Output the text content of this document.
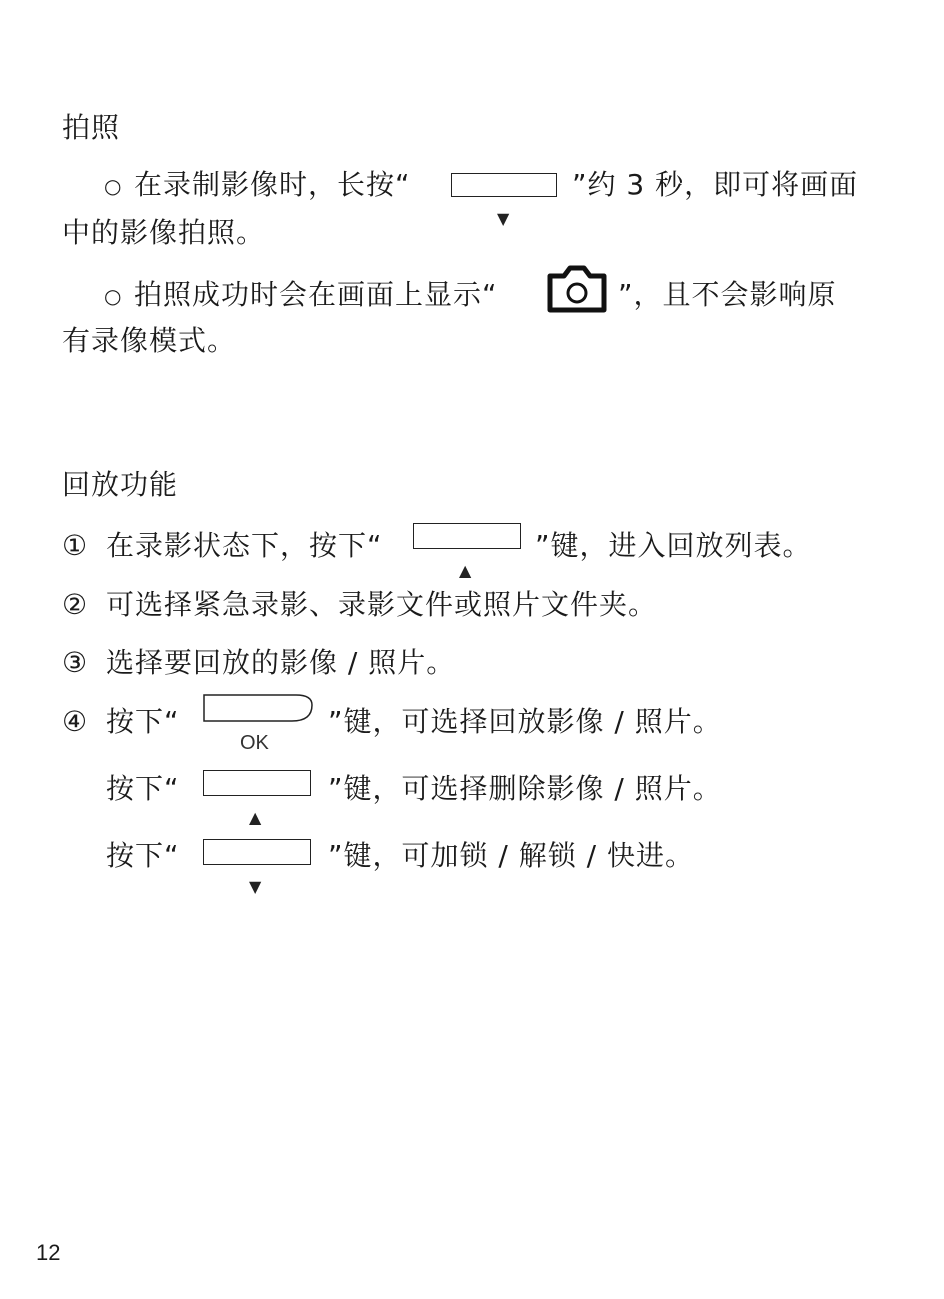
拍照
○ 在录制影像时，长按“
▼
”约 3 秒，即可将画面
中的影像拍照。
○ 拍照成功时会在画面上显示“	”，且不会影响原
有录像模式。
回放功能
① 在录影状态下，按下“
▲
”键，进入回放列表。
② 可选择紧急录影、录影文件或照片文件夹。
③ 选择要回放的影像 / 照片。
④ 按下“
OK
”键，可选择回放影像 / 照片。
按下“
▲
”键，可选择删除影像 / 照片。
按下“
▼
”键，可加锁 / 解锁 / 快进。
12
